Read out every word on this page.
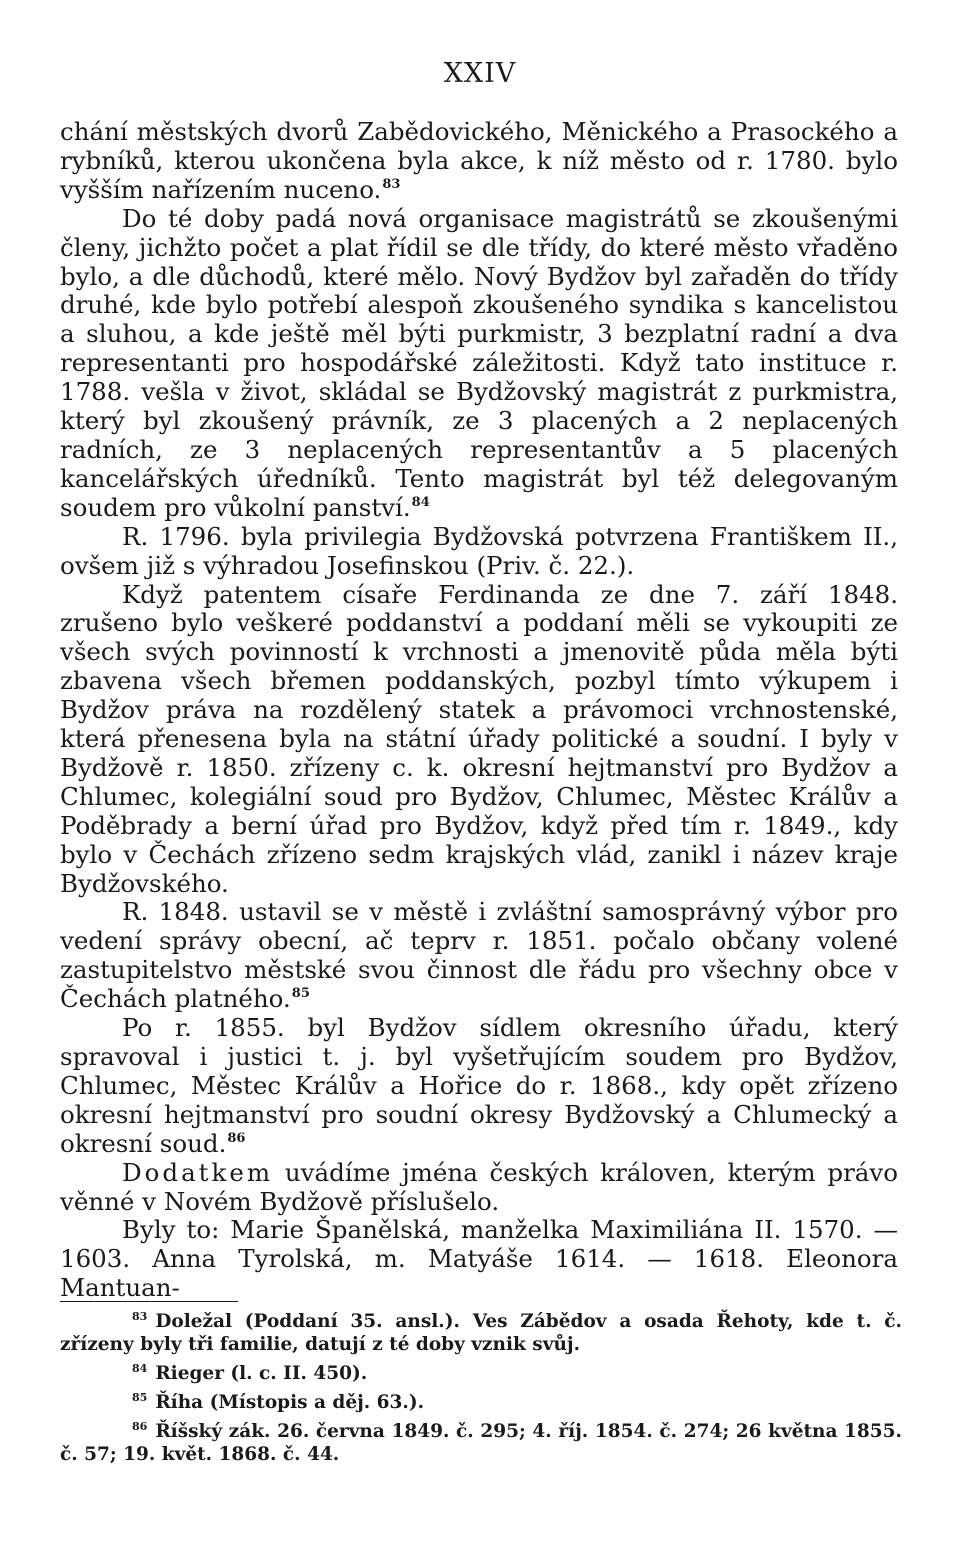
XXIV

chání městských dvorů Zabědovického, Měnického a Prasockého a rybníků, kterou ukončena byla akce, k níž město od r. 1780. bylo vyšším nařízením nuceno.$^{83}$

Do té doby padá nová organisace magistrátů se zkoušenými členy, jichžto počet a plat řídil se dle třídy, do které město vřaděno bylo, a dle důchodů, které mělo. Nový Bydžov byl zařaděn do třídy druhé, kde bylo potřebí alespoň zkoušeného syndika s kancelistou a sluhou, a kde ještě měl býti purkmistr, 3 bezplatní radní a dva representanti pro hospodářské záležitosti. Když tato instituce r. 1788. vešla v život, skládal se Bydžovský magistrát z purkmistra, který byl zkoušený právník, ze 3 placených a 2 neplacených radních, ze 3 neplacených representantův a 5 placených kancelářských úředníků. Tento magistrát byl též delegovaným soudem pro vůkolní panství.$^{84}$

R. 1796. byla privilegia Bydžovská potvrzena Františkem II., ovšem již s výhradou Josefinskou (Priv. č. 22.).

Když patentem císaře Ferdinanda ze dne 7. září 1848. zrušeno bylo veškeré poddanství a poddaní měli se vykoupiti ze všech svých povinností k vrchnosti a jmenovitě půda měla býti zbavena všech břemen poddanských, pozbyl tímto výkupem i Bydžov práva na rozdělený statek a právomoci vrchnostenské, která přenesena byla na státní úřady politické a soudní. I byly v Bydžově r. 1850. zřízeny c. k. okresní hejtmanství pro Bydžov a Chlumec, kolegiální soud pro Bydžov, Chlumec, Městec Králův a Poděbrady a berní úřad pro Bydžov, když před tím r. 1849., kdy bylo v Čechách zřízeno sedm krajských vlád, zanikl i název kraje Bydžovského.

R. 1848. ustavil se v městě i zvláštní samosprávný výbor pro vedení správy obecní, ač teprv r. 1851. počalo občany volené zastupitelstvo městské svou činnost dle řádu pro všechny obce v Čechách platného.$^{85}$

Po r. 1855. byl Bydžov sídlem okresního úřadu, který spravoval i justici t. j. byl vyšetřujícím soudem pro Bydžov, Chlumec, Městec Králův a Hořice do r. 1868., kdy opět zřízeno okresní hejtmanství pro soudní okresy Bydžovský a Chlumecký a okresní soud.$^{86}$

Dodatkem uvádíme jména českých královen, kterým právo věnné v Novém Bydžově příslušelo.

Byly to: Marie Španělská, manželka Maximiliána II. 1570. — 1603. Anna Tyrolská, m. Matyáše 1614. — 1618. Eleonora Mantuan-

$^{83}$ Doležal (Poddaní 35. ansl.). Ves Zábědov a osada Řehoty, kde t. č. zřízeny byly tři familie, datují z té doby vznik svůj.

$^{84}$ Rieger (l. c. II. 450).

$^{85}$ Říha (Místopis a děj. 63.).

$^{86}$ Říšský zák. 26. června 1849. č. 295; 4. říj. 1854. č. 274; 26 května 1855. č. 57; 19. květ. 1868. č. 44.
